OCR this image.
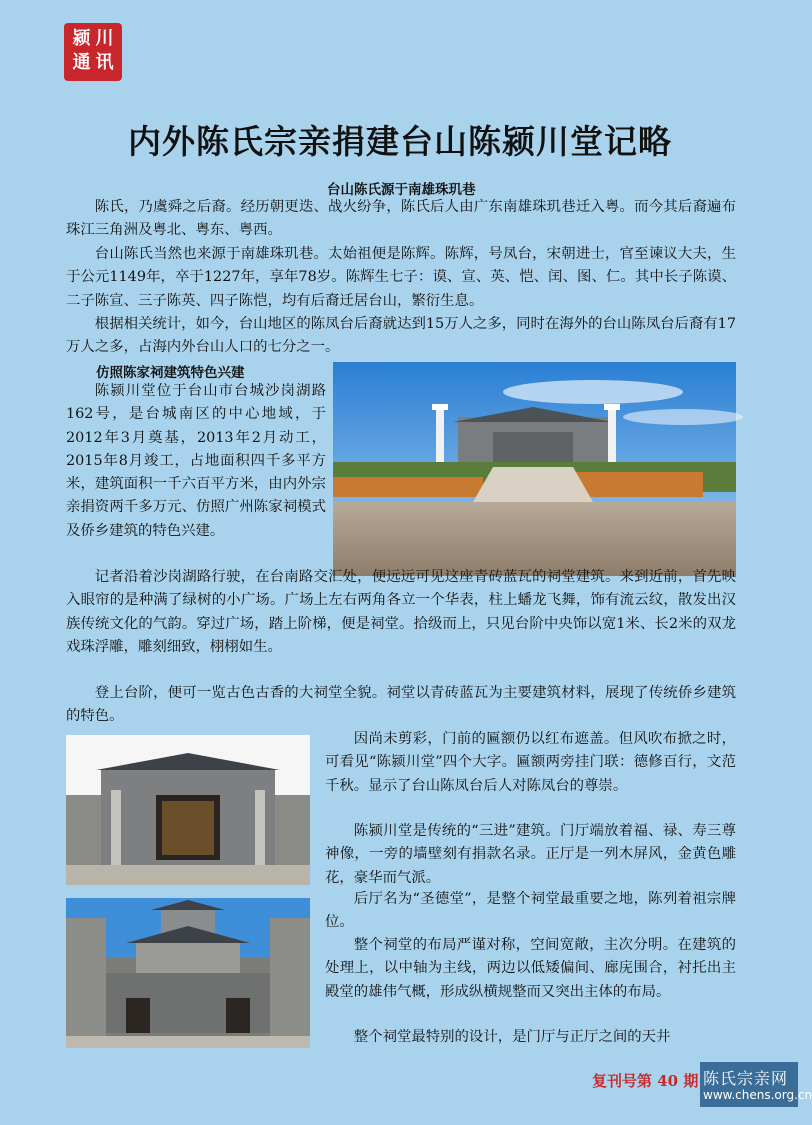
颍 川
通 讯
内外陈氏宗亲捐建台山陈颍川堂记略
台山陈氏源于南雄珠玑巷
陈氏，乃虞舜之后裔。经历朝更迭、战火纷争，陈氏后人由广东南雄珠玑巷迁入粤。而今其后裔遍布珠江三角洲及粤北、粤东、粤西。
台山陈氏当然也来源于南雄珠玑巷。太始祖便是陈辉。陈辉，号凤台，宋朝进士，官至谏议大夫，生于公元1149年，卒于1227年，享年78岁。陈辉生七子：谟、宣、英、恺、闰、图、仁。其中长子陈谟、二子陈宣、三子陈英、四子陈恺，均有后裔迁居台山，繁衍生息。
根据相关统计，如今，台山地区的陈凤台后裔就达到15万人之多，同时在海外的台山陈凤台后裔有17万人之多，占海内外台山人口的七分之一。
仿照陈家祠建筑特色兴建
陈颍川堂位于台山市台城沙岗湖路162号，是台城南区的中心地域，于2012年3月奠基，2013年2月动工，2015年8月竣工，占地面积四千多平方米，建筑面积一千六百平方米，由内外宗亲捐资两千多万元、仿照广州陈家祠模式及侨乡建筑的特色兴建。
记者沿着沙岗湖路行驶，在台南路交汇处，便远远可见这座青砖蓝瓦的祠堂建筑。来到近前，首先映入眼帘的是种满了绿树的小广场。广场上左右两角各立一个华表，柱上蟠龙飞舞，饰有流云纹，散发出汉族传统文化的气韵。穿过广场，踏上阶梯，便是祠堂。拾级而上，只见台阶中央饰以宽1米、长2米的双龙戏珠浮雕，雕刻细致，栩栩如生。
登上台阶，便可一览古色古香的大祠堂全貌。祠堂以青砖蓝瓦为主要建筑材料，展现了传统侨乡建筑的特色。
因尚未剪彩，门前的匾额仍以红布遮盖。但风吹布掀之时，可看见“陈颍川堂”四个大字。匾额两旁挂门联：德修百行，文范千秋。显示了台山陈凤台后人对陈凤台的尊崇。
陈颍川堂是传统的“三进”建筑。门厅端放着福、禄、寿三尊神像，一旁的墙壁刻有捐款名录。正厅是一列木屏风，金黄色雕花，豪华而气派。
后厅名为“圣德堂”，是整个祠堂最重要之地，陈列着祖宗牌位。
整个祠堂的布局严谨对称，空间宽敞，主次分明。在建筑的处理上，以中轴为主线，两边以低矮偏间、廊庑围合，衬托出主殿堂的雄伟气概，形成纵横规整而又突出主体的布局。
整个祠堂最特别的设计，是门厅与正厅之间的天井
复刊号第 40 期 陈氏宗亲网
www.chens.org.cn
